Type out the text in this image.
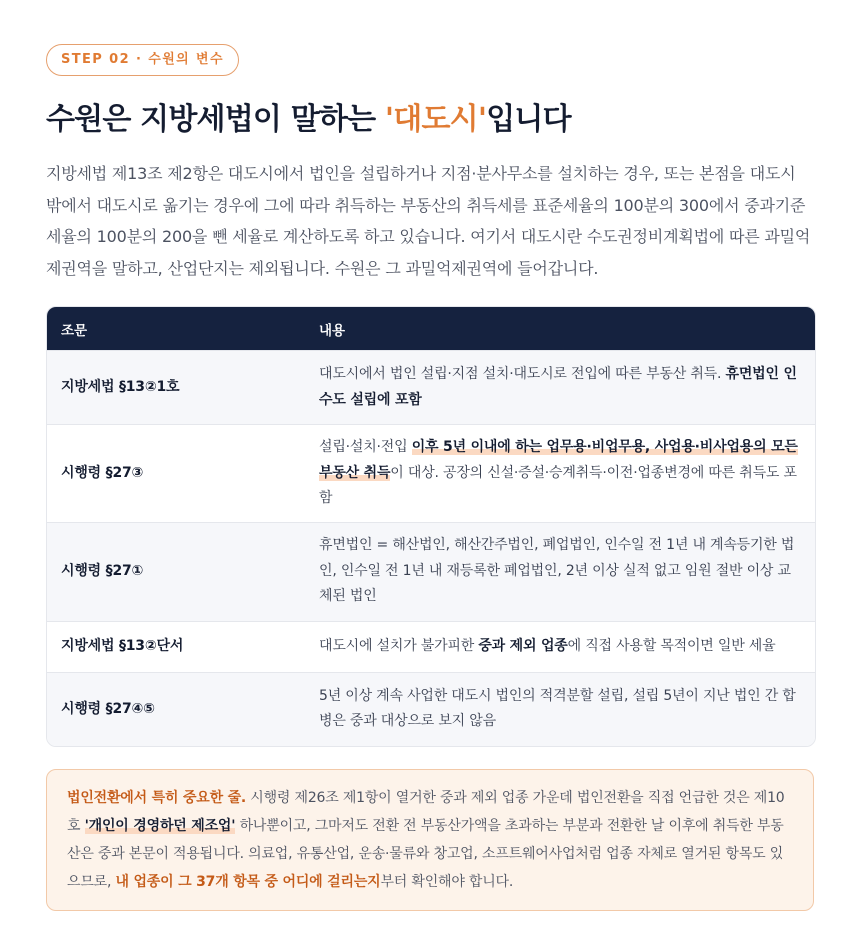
STEP 02 · 수원의 변수
수원은 지방세법이 말하는 '대도시'입니다

지방세법 제13조 제2항은 대도시에서 법인을 설립하거나 지점·분사무소를 설치하는 경우, 또는 본점을 대도시 밖에서 대도시로 옮기는 경우에 그에 따라 취득하는 부동산의 취득세를 표준세율의 100분의 300에서 중과기준세율의 100분의 200을 뺀 세율로 계산하도록 하고 있습니다. 여기서 대도시란 수도권정비계획법에 따른 과밀억제권역을 말하고, 산업단지는 제외됩니다. 수원은 그 과밀억제권역에 들어갑니다.

조문	내용
지방세법 §13②1호	대도시에서 법인 설립·지점 설치·대도시로 전입에 따른 부동산 취득. 휴면법인 인수도 설립에 포함
시행령 §27③	설립·설치·전입 이후 5년 이내에 하는 업무용·비업무용, 사업용·비사업용의 모든 부동산 취득이 대상. 공장의 신설·증설·승계취득·이전·업종변경에 따른 취득도 포함
시행령 §27①	휴면법인 = 해산법인, 해산간주법인, 폐업법인, 인수일 전 1년 내 계속등기한 법인, 인수일 전 1년 내 재등록한 폐업법인, 2년 이상 실적 없고 임원 절반 이상 교체된 법인
지방세법 §13②단서	대도시에 설치가 불가피한 중과 제외 업종에 직접 사용할 목적이면 일반 세율
시행령 §27④⑤	5년 이상 계속 사업한 대도시 법인의 적격분할 설립, 설립 5년이 지난 법인 간 합병은 중과 대상으로 보지 않음
법인전환에서 특히 중요한 줄. 시행령 제26조 제1항이 열거한 중과 제외 업종 가운데 법인전환을 직접 언급한 것은 제10호 '개인이 경영하던 제조업' 하나뿐이고, 그마저도 전환 전 부동산가액을 초과하는 부분과 전환한 날 이후에 취득한 부동산은 중과 본문이 적용됩니다. 의료업, 유통산업, 운송·물류와 창고업, 소프트웨어사업처럼 업종 자체로 열거된 항목도 있으므로, 내 업종이 그 37개 항목 중 어디에 걸리는지부터 확인해야 합니다.
